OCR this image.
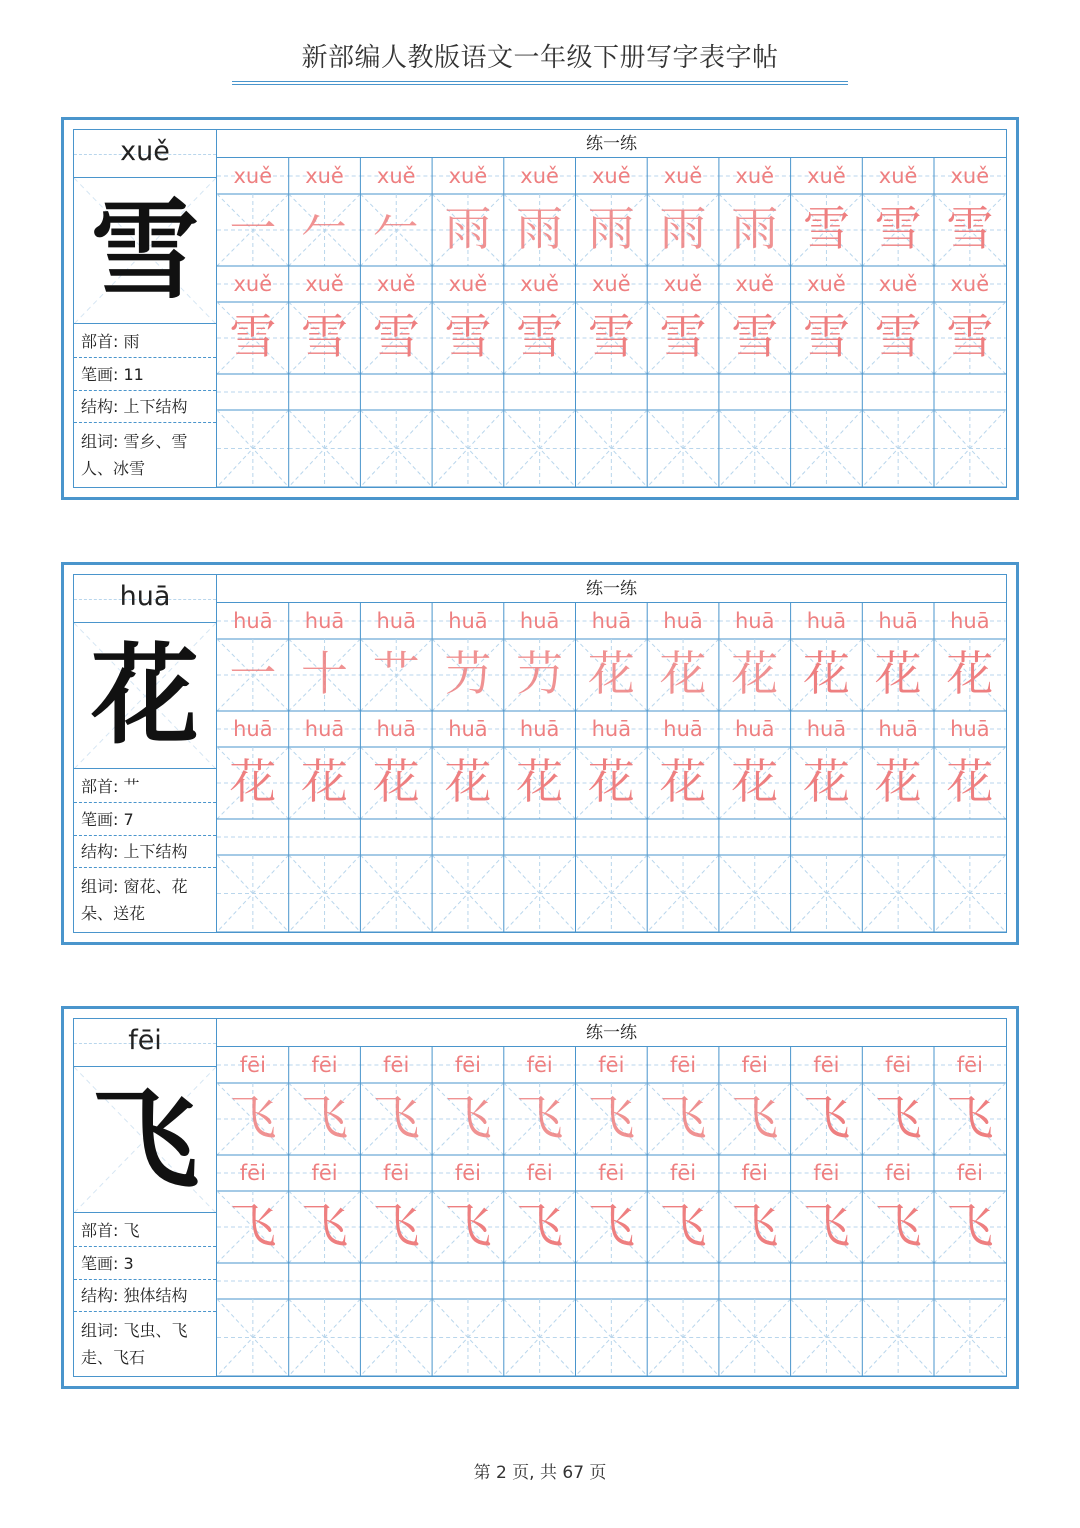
新部编人教版语文一年级下册写字表字帖
xuě
雪
部首: 雨
笔画: 11
结构: 上下结构
组词: 雪乡、雪人、冰雪
练一练
xuě	xuě	xuě	xuě	xuě	xuě	xuě	xuě	xuě	xuě	xuě
一 𠂉 𠂉 雨 雨 雨 雨 雨 雪 雪 雪
xuě	xuě	xuě	xuě	xuě	xuě	xuě	xuě	xuě	xuě	xuě
雪 雪 雪 雪 雪 雪 雪 雪 雪 雪 雪
huā
花
部首: 艹
笔画: 7
结构: 上下结构
组词: 窗花、花朵、送花
练一练
huā	huā	huā	huā	huā	huā	huā	huā	huā	huā	huā
一 十 艹 芀 芀 花 花 花 花 花 花
huā	huā	huā	huā	huā	huā	huā	huā	huā	huā	huā
花 花 花 花 花 花 花 花 花 花 花
fēi
飞
部首: 飞
笔画: 3
结构: 独体结构
组词: 飞虫、飞走、飞石
练一练
fēi	fēi	fēi	fēi	fēi	fēi	fēi	fēi	fēi	fēi	fēi
飞 飞 飞 飞 飞 飞 飞 飞 飞 飞 飞
fēi	fēi	fēi	fēi	fēi	fēi	fēi	fēi	fēi	fēi	fēi
飞 飞 飞 飞 飞 飞 飞 飞 飞 飞 飞
第 2 页, 共 67 页
